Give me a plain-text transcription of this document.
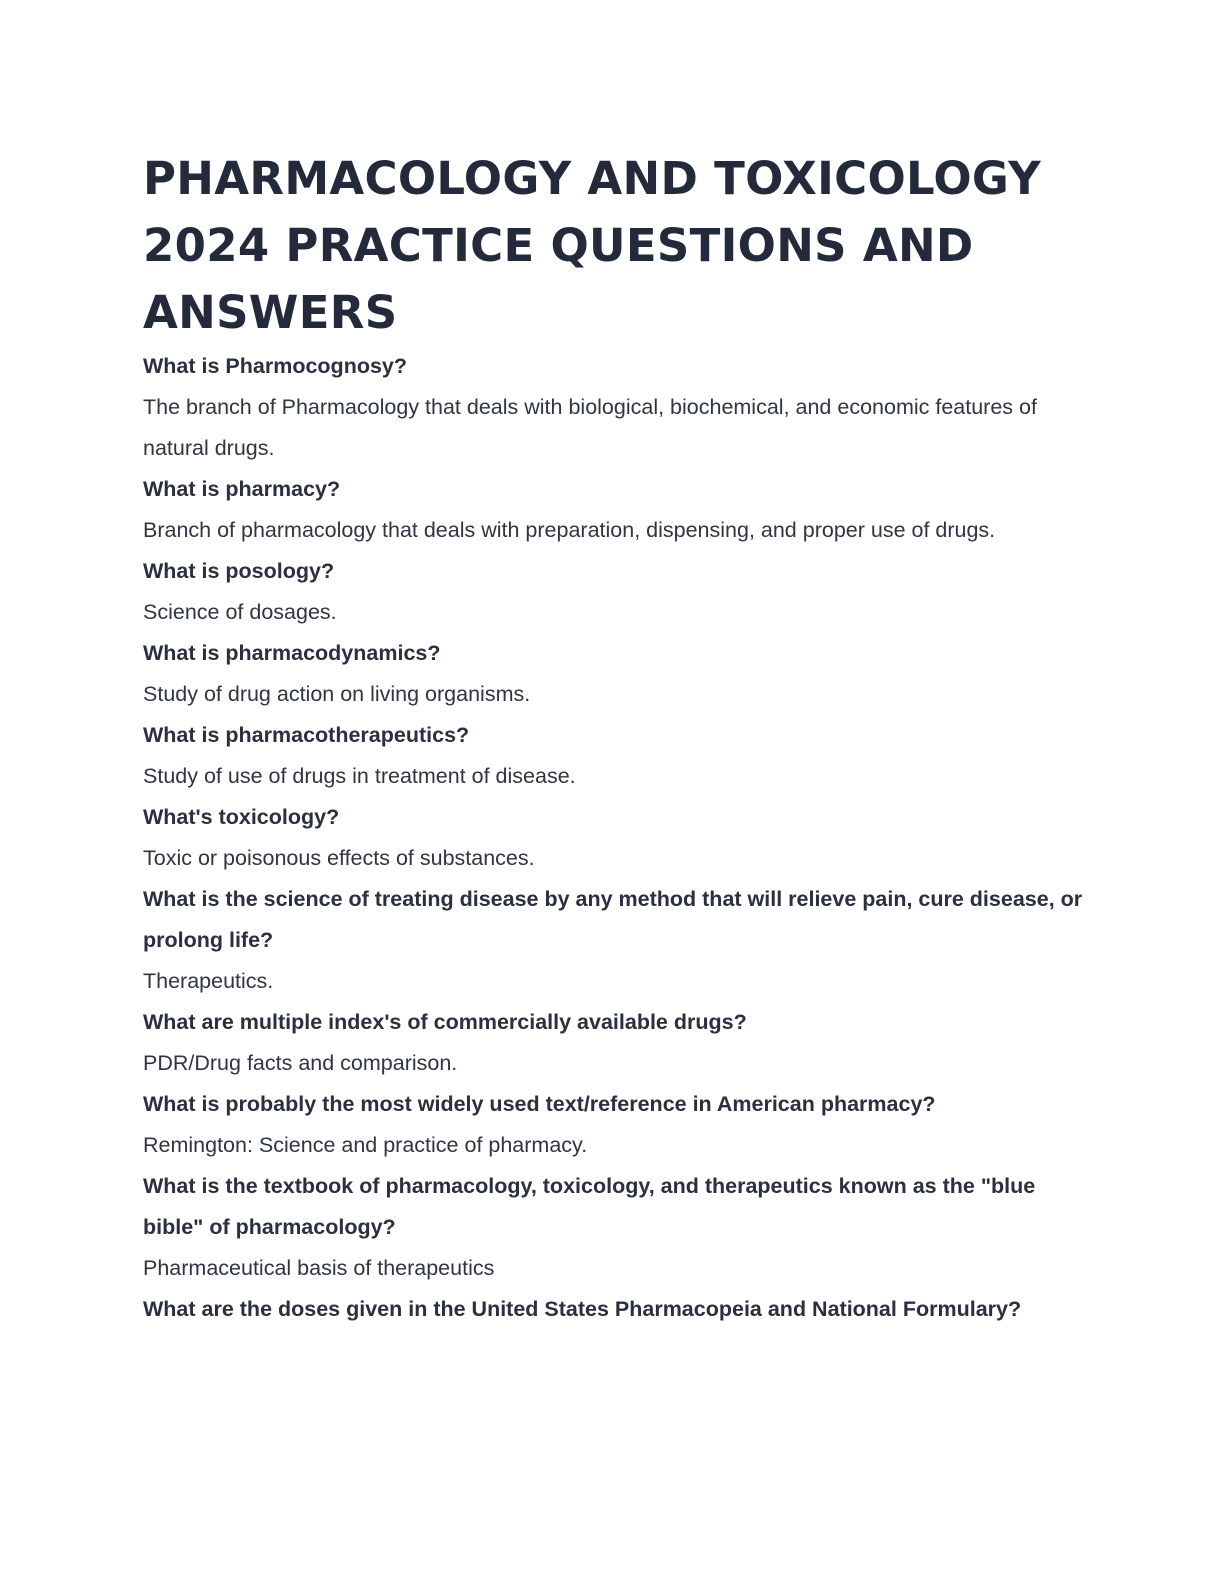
PHARMACOLOGY AND TOXICOLOGY 2024 PRACTICE QUESTIONS AND ANSWERS

What is Pharmocognosy?

The branch of Pharmacology that deals with biological, biochemical, and economic features of natural drugs.

What is pharmacy?

Branch of pharmacology that deals with preparation, dispensing, and proper use of drugs.

What is posology?

Science of dosages.

What is pharmacodynamics?

Study of drug action on living organisms.

What is pharmacotherapeutics?

Study of use of drugs in treatment of disease.

What's toxicology?

Toxic or poisonous effects of substances.

What is the science of treating disease by any method that will relieve pain, cure disease, or prolong life?

Therapeutics.

What are multiple index's of commercially available drugs?

PDR/Drug facts and comparison.

What is probably the most widely used text/reference in American pharmacy?

Remington: Science and practice of pharmacy.

What is the textbook of pharmacology, toxicology, and therapeutics known as the "blue bible" of pharmacology?

Pharmaceutical basis of therapeutics

What are the doses given in the United States Pharmacopeia and National Formulary?
